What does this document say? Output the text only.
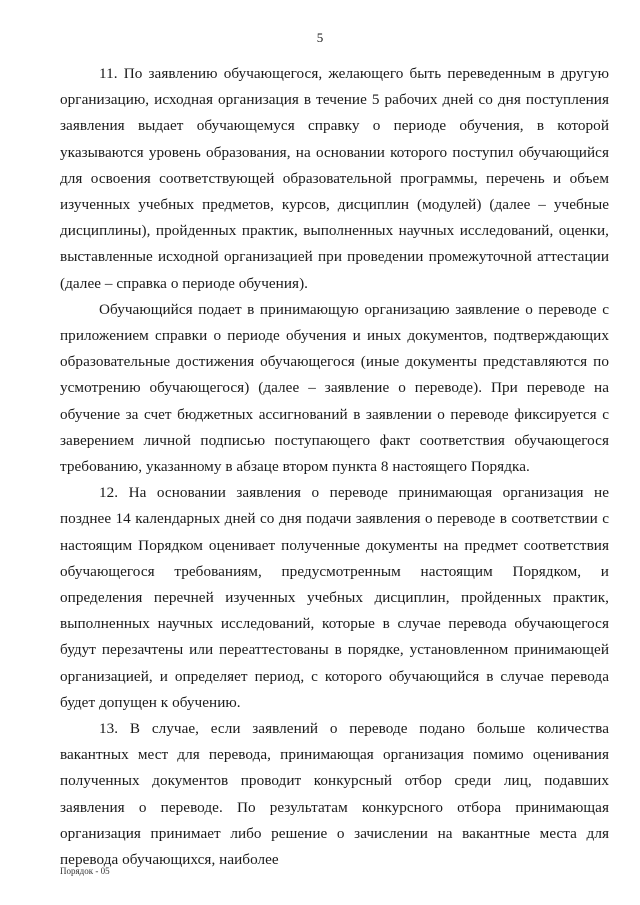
5

11. По заявлению обучающегося, желающего быть переведенным в другую организацию, исходная организация в течение 5 рабочих дней со дня поступления заявления выдает обучающемуся справку о периоде обучения, в которой указываются уровень образования, на основании которого поступил обучающийся для освоения соответствующей образовательной программы, перечень и объем изученных учебных предметов, курсов, дисциплин (модулей) (далее – учебные дисциплины), пройденных практик, выполненных научных исследований, оценки, выставленные исходной организацией при проведении промежуточной аттестации (далее – справка о периоде обучения).

Обучающийся подает в принимающую организацию заявление о переводе с приложением справки о периоде обучения и иных документов, подтверждающих образовательные достижения обучающегося (иные документы представляются по усмотрению обучающегося) (далее – заявление о переводе). При переводе на обучение за счет бюджетных ассигнований в заявлении о переводе фиксируется с заверением личной подписью поступающего факт соответствия обучающегося требованию, указанному в абзаце втором пункта 8 настоящего Порядка.

12. На основании заявления о переводе принимающая организация не позднее 14 календарных дней со дня подачи заявления о переводе в соответствии с настоящим Порядком оценивает полученные документы на предмет соответствия обучающегося требованиям, предусмотренным настоящим Порядком, и определения перечней изученных учебных дисциплин, пройденных практик, выполненных научных исследований, которые в случае перевода обучающегося будут перезачтены или переаттестованы в порядке, установленном принимающей организацией, и определяет период, с которого обучающийся в случае перевода будет допущен к обучению.

13. В случае, если заявлений о переводе подано больше количества вакантных мест для перевода, принимающая организация помимо оценивания полученных документов проводит конкурсный отбор среди лиц, подавших заявления о переводе. По результатам конкурсного отбора принимающая организация принимает либо решение о зачислении на вакантные места для перевода обучающихся, наиболее

Порядок - 05
